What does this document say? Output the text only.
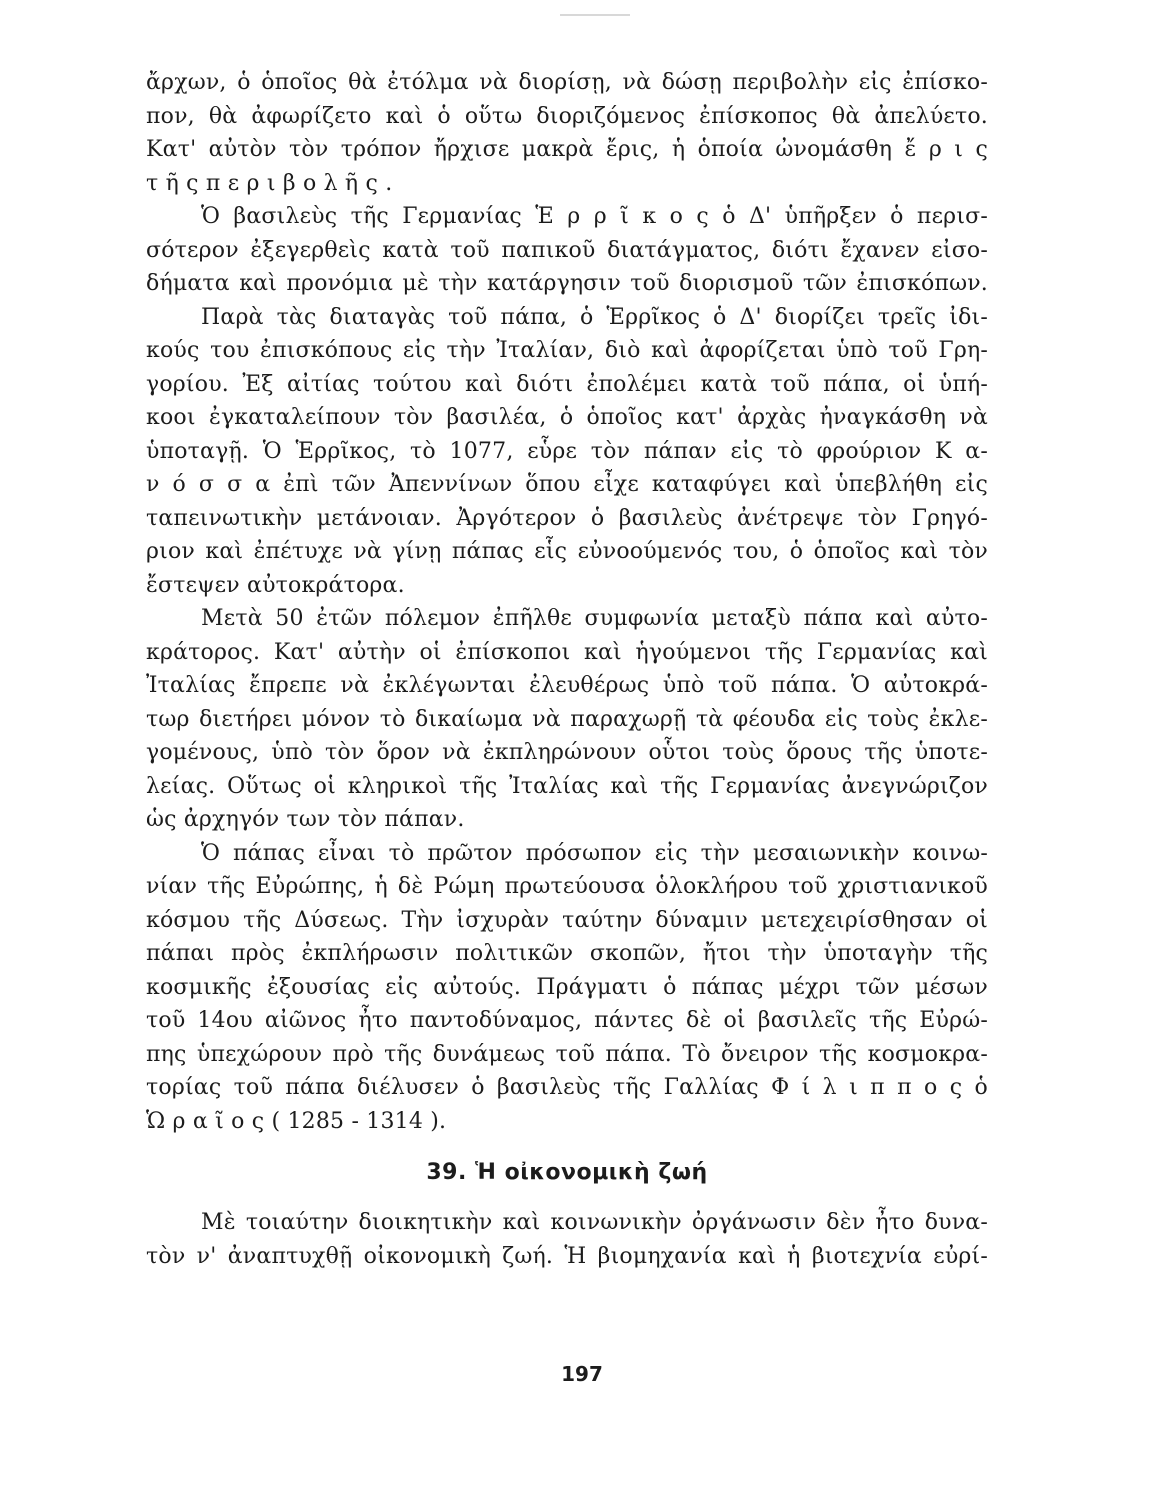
ἄρχων, ὁ ὁποῖος θὰ ἐτόλμα νὰ διορίσῃ, νὰ δώσῃ περιβολὴν εἰς ἐπίσκο-
πον, θὰ ἀφωρίζετο καὶ ὁ οὕτω διοριζόμενος ἐπίσκοπος θὰ ἀπελύετο.
Κατ' αὐτὸν τὸν τρόπον ἤρχισε μακρὰ ἔρις, ἡ ὁποία ὠνομάσθη ἔ ρ ι ς
τ ῆ ς π ε ρ ι β ο λ ῆ ς .
Ὁ βασιλεὺς τῆς Γερμανίας Ἑ ρ ρ ῖ κ ο ς ὁ Δ' ὑπῆρξεν ὁ περισ-
σότερον ἐξεγερθεὶς κατὰ τοῦ παπικοῦ διατάγματος, διότι ἔχανεν εἰσο-
δήματα καὶ προνόμια μὲ τὴν κατάργησιν τοῦ διορισμοῦ τῶν ἐπισκόπων.
Παρὰ τὰς διαταγὰς τοῦ πάπα, ὁ Ἑρρῖκος ὁ Δ' διορίζει τρεῖς ἰδι-
κούς του ἐπισκόπους εἰς τὴν Ἰταλίαν, διὸ καὶ ἀφορίζεται ὑπὸ τοῦ Γρη-
γορίου. Ἐξ αἰτίας τούτου καὶ διότι ἐπολέμει κατὰ τοῦ πάπα, οἱ ὑπή-
κοοι ἐγκαταλείπουν τὸν βασιλέα, ὁ ὁποῖος κατ' ἀρχὰς ἠναγκάσθη νὰ
ὑποταγῇ. Ὁ Ἑρρῖκος, τὸ 1077, εὗρε τὸν πάπαν εἰς τὸ φρούριον Κ α-
ν ό σ σ α ἐπὶ τῶν Ἀπεννίνων ὅπου εἶχε καταφύγει καὶ ὑπεβλήθη εἰς
ταπεινωτικὴν μετάνοιαν. Ἀργότερον ὁ βασιλεὺς ἀνέτρεψε τὸν Γρηγό-
ριον καὶ ἐπέτυχε νὰ γίνῃ πάπας εἷς εὐνοούμενός του, ὁ ὁποῖος καὶ τὸν
ἔστεψεν αὐτοκράτορα.
Μετὰ 50 ἐτῶν πόλεμον ἐπῆλθε συμφωνία μεταξὺ πάπα καὶ αὐτο-
κράτορος. Κατ' αὐτὴν οἱ ἐπίσκοποι καὶ ἡγούμενοι τῆς Γερμανίας καὶ
Ἰταλίας ἔπρεπε νὰ ἐκλέγωνται ἐλευθέρως ὑπὸ τοῦ πάπα. Ὁ αὐτοκρά-
τωρ διετήρει μόνον τὸ δικαίωμα νὰ παραχωρῇ τὰ φέουδα εἰς τοὺς ἐκλε-
γομένους, ὑπὸ τὸν ὅρον νὰ ἐκπληρώνουν οὗτοι τοὺς ὅρους τῆς ὑποτε-
λείας. Οὕτως οἱ κληρικοὶ τῆς Ἰταλίας καὶ τῆς Γερμανίας ἀνεγνώριζον
ὡς ἀρχηγόν των τὸν πάπαν.
Ὁ πάπας εἶναι τὸ πρῶτον πρόσωπον εἰς τὴν μεσαιωνικὴν κοινω-
νίαν τῆς Εὐρώπης, ἡ δὲ Ρώμη πρωτεύουσα ὁλοκλήρου τοῦ χριστιανικοῦ
κόσμου τῆς Δύσεως. Τὴν ἰσχυρὰν ταύτην δύναμιν μετεχειρίσθησαν οἱ
πάπαι πρὸς ἐκπλήρωσιν πολιτικῶν σκοπῶν, ἤτοι τὴν ὑποταγὴν τῆς
κοσμικῆς ἐξουσίας εἰς αὐτούς. Πράγματι ὁ πάπας μέχρι τῶν μέσων
τοῦ 14ου αἰῶνος ἦτο παντοδύναμος, πάντες δὲ οἱ βασιλεῖς τῆς Εὐρώ-
πης ὑπεχώρουν πρὸ τῆς δυνάμεως τοῦ πάπα. Τὸ ὄνειρον τῆς κοσμοκρα-
τορίας τοῦ πάπα διέλυσεν ὁ βασιλεὺς τῆς Γαλλίας Φ ί λ ι π π ο ς ὁ
Ὡ ρ α ῖ ο ς ( 1285 - 1314 ).
39. Ἡ οἰκονομικὴ ζωή
Μὲ τοιαύτην διοικητικὴν καὶ κοινωνικὴν ὀργάνωσιν δὲν ἦτο δυνα-
τὸν ν' ἀναπτυχθῇ οἰκονομικὴ ζωή. Ἡ βιομηχανία καὶ ἡ βιοτεχνία εὐρί-
197
